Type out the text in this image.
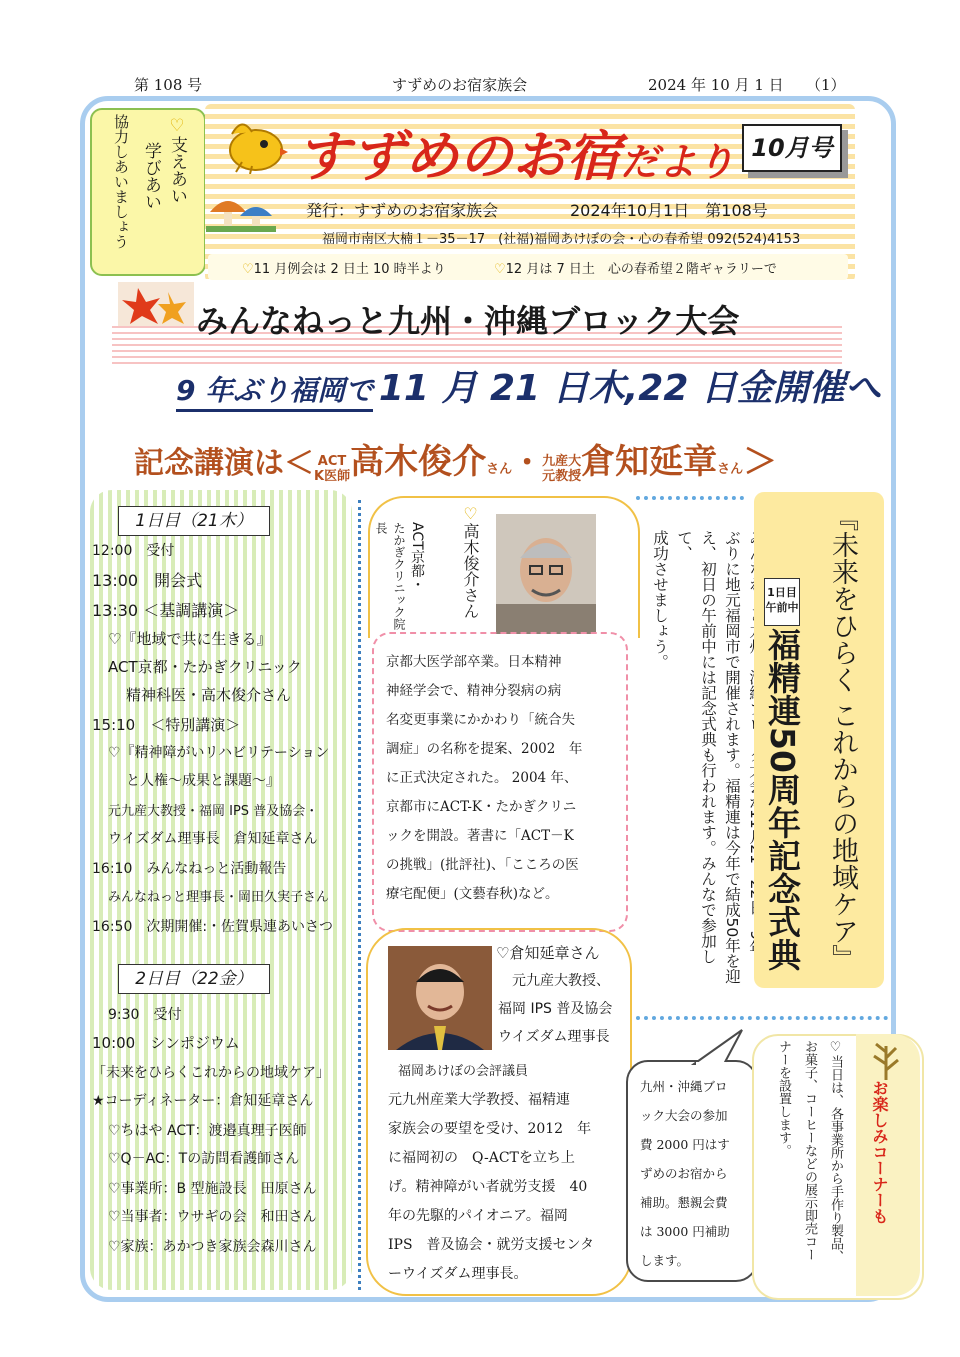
第 108 号	すずめのお宿家族会	2024 年 10 月 1 日 （1）
♡支えあい
学びあい
協力しあいましょう	すずめのお宿だより 10月号
発行：すずめのお宿家族会	2024年10月1日　第108号
福岡市南区大楠１－35－17　(社福)福岡あけぼの会・心の春希望 092(524)4153
♡11 月例会は 2 日土 10 時半より	♡12 月は 7 日土　心の春希望２階ギャラリーで
みんなねっと九州・沖縄ブロック大会
9 年ぶり福岡で 11 月 21 日木,22 日金開催へ
記念講演は＜ ACT
K医師高木俊介さん・九産大
元教授倉知延章さん＞
1日目（21木）
12:00　受付
13:00　開会式
13:30 ＜基調講演＞
♡『地域で共に生きる』
ACT京都・たかぎクリニック
精神科医・高木俊介さん
15:10　＜特別講演＞
♡『精神障がいリハビリテーション
と人権～成果と課題～』
元九産大教授・福岡 IPS 普及協会・
ウイズダム理事長　倉知延章さん
16:10　みんなねっと活動報告
みんなねっと理事長・岡田久実子さん
16:50　次期開催:・佐賀県連あいさつ
2日目（22金）
9:30　受付
10:00　シンポジウム
「未来をひらくこれからの地域ケア」
★コーディネーター：倉知延章さん
♡ちはや ACT：渡邉真理子医師
♡Q－AC：Tの訪問看護師さん
♡事業所：B 型施設長　田原さん
♡当事者：ウサギの会　和田さん
♡家族：あかつき家族会森川さん
♡高木俊介さん
ACT京都・
たかぎクリニック院長
京都大医学部卒業。日本精神
神経学会で、精神分裂病の病
名変更事業にかかわり「統合失
調症」の名称を提案、2002　年
に正式決定された。 2004 年、
京都市にACT-K・たかぎクリニ
ックを開設。著書に「ACT－K
の挑戦」(批評社)、「こころの医
療宅配便」(文藝春秋)など。
♡倉知延章さん
元九産大教授、
福岡 IPS 普及協会
ウイズダム理事長
福岡あけぼの会評議員
元九州産業大学教授、福精連
家族会の要望を受け、2012　年
に福岡初の　Q-ACTを立ち上
げ。精神障がい者就労支援　40
年の先駆的パイオニア。福岡
IPS　普及協会・就労支援センタ
ーウイズダム理事長。

ぶりに地元福岡市で開催されます。福精連は今年で結成50年を迎
え、初日の午前中には記念式典も行われます。みんなで参加して、
成功させましょう。	『未来をひらく これからの地域ケア』
1日目
午前中
福精連50周年記念式典
九州・沖縄ブロ
ック大会の参加
費 2000 円はす
ずめのお宿から
補助。懇親会費
は 3000 円補助
します。
お楽しみコーナーも
♡当日は、各事業所から手作り製品、
お菓子、コーヒーなどの展示即売コー
ナーを設置します。
